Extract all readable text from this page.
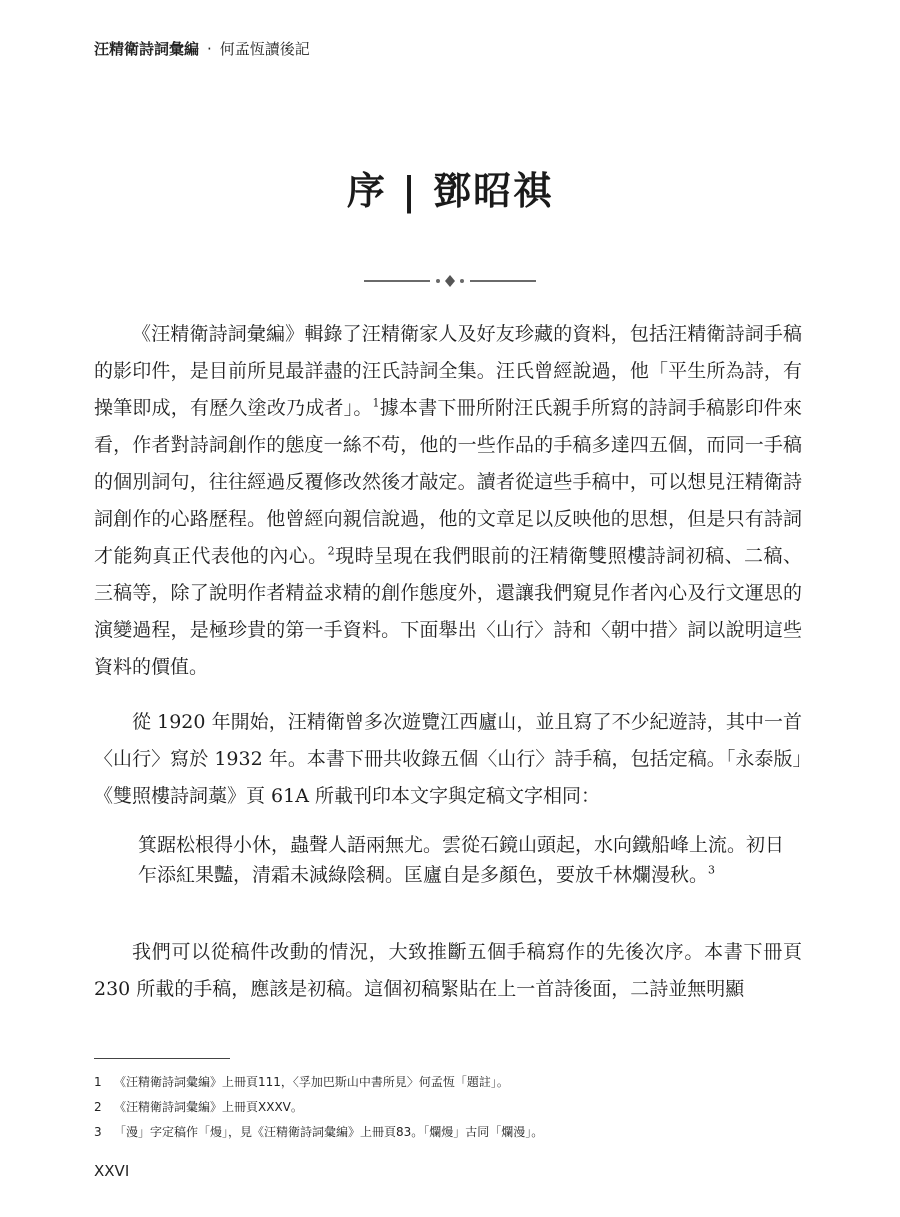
汪精衛詩詞彙編 · 何孟恆讀後記
序 | 鄧昭祺

《汪精衛詩詞彙編》輯錄了汪精衛家人及好友珍藏的資料，包括汪精衛詩詞手稿的影印件，是目前所見最詳盡的汪氏詩詞全集。汪氏曾經說過，他「平生所為詩，有操筆即成，有歷久塗改乃成者」。$^1$據本書下冊所附汪氏親手所寫的詩詞手稿影印件來看，作者對詩詞創作的態度一絲不苟，他的一些作品的手稿多達四五個，而同一手稿的個別詞句，往往經過反覆修改然後才敲定。讀者從這些手稿中，可以想見汪精衛詩詞創作的心路歷程。他曾經向親信說過，他的文章足以反映他的思想，但是只有詩詞才能夠真正代表他的內心。$^2$現時呈現在我們眼前的汪精衛雙照樓詩詞初稿、二稿、三稿等，除了說明作者精益求精的創作態度外，還讓我們窺見作者內心及行文運思的演變過程，是極珍貴的第一手資料。下面舉出〈山行〉詩和〈朝中措〉詞以說明這些資料的價值。

從 1920 年開始，汪精衛曾多次遊覽江西廬山，並且寫了不少紀遊詩，其中一首〈山行〉寫於 1932 年。本書下冊共收錄五個〈山行〉詩手稿，包括定稿。「永泰版」《雙照樓詩詞藁》頁 61A 所載刊印本文字與定稿文字相同：

箕踞松根得小休，蟲聲人語兩無尤。雲從石鏡山頭起，水向鐵船峰上流。初日乍添紅果豔，清霜未減綠陰稠。匡廬自是多顏色，要放千林爛漫秋。$^3$

我們可以從稿件改動的情況，大致推斷五個手稿寫作的先後次序。本書下冊頁 230 所載的手稿，應該是初稿。這個初稿緊貼在上一首詩後面，二詩並無明顯

1 《汪精衛詩詞彙編》上冊頁111，〈孚加巴斯山中書所見〉何孟恆「題註」。
2 《汪精衛詩詞彙編》上冊頁XXXV。
3 「漫」字定稿作「熳」，見《汪精衛詩詞彙編》上冊頁83。「爛熳」古同「爛漫」。
XXVI
